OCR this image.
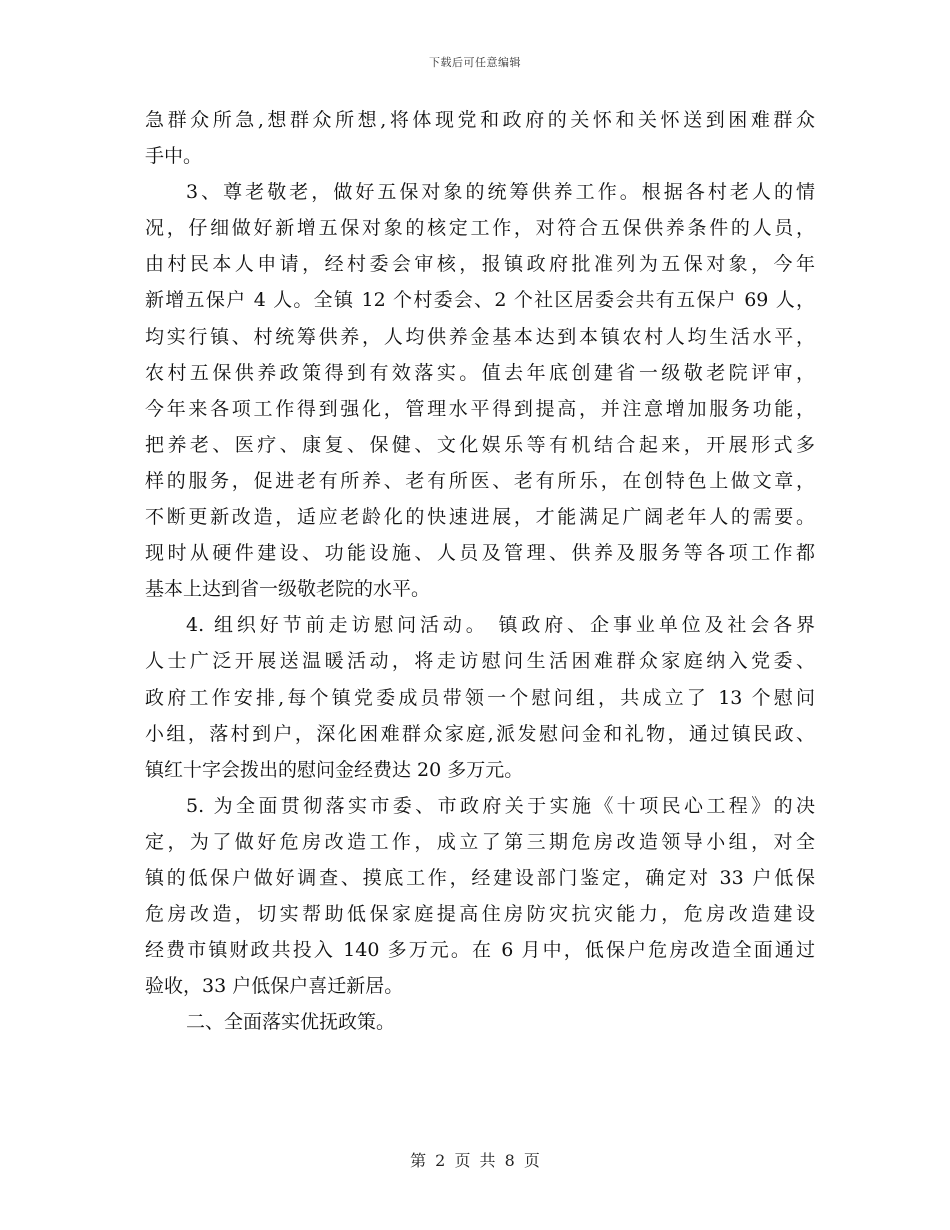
下载后可任意编辑
急群众所急,想群众所想,将体现党和政府的关怀和关怀送到困难群众
手中。
3、尊老敬老，做好五保对象的统筹供养工作。根据各村老人的情
况，仔细做好新增五保对象的核定工作，对符合五保供养条件的人员，
由村民本人申请，经村委会审核，报镇政府批准列为五保对象，今年
新增五保户 4 人。全镇 12 个村委会、2 个社区居委会共有五保户 69 人，
均实行镇、村统筹供养，人均供养金基本达到本镇农村人均生活水平，
农村五保供养政策得到有效落实。值去年底创建省一级敬老院评审，
今年来各项工作得到强化，管理水平得到提高，并注意增加服务功能，
把养老、医疗、康复、保健、文化娱乐等有机结合起来，开展形式多
样的服务，促进老有所养、老有所医、老有所乐，在创特色上做文章，
不断更新改造，适应老龄化的快速进展，才能满足广阔老年人的需要。
现时从硬件建设、功能设施、人员及管理、供养及服务等各项工作都
基本上达到省一级敬老院的水平。
4. 组织好节前走访慰问活动。 镇政府、企事业单位及社会各界
人士广泛开展送温暖活动，将走访慰问生活困难群众家庭纳入党委、
政府工作安排,每个镇党委成员带领一个慰问组，共成立了 13 个慰问
小组，落村到户，深化困难群众家庭,派发慰问金和礼物，通过镇民政、
镇红十字会拨出的慰问金经费达 20 多万元。
5. 为全面贯彻落实市委、市政府关于实施《十项民心工程》的决
定，为了做好危房改造工作，成立了第三期危房改造领导小组，对全
镇的低保户做好调查、摸底工作，经建设部门鉴定，确定对 33 户低保
危房改造，切实帮助低保家庭提高住房防灾抗灾能力，危房改造建设
经费市镇财政共投入 140 多万元。在 6 月中，低保户危房改造全面通过
验收，33 户低保户喜迁新居。
二、全面落实优抚政策。
第 2 页 共 8 页
